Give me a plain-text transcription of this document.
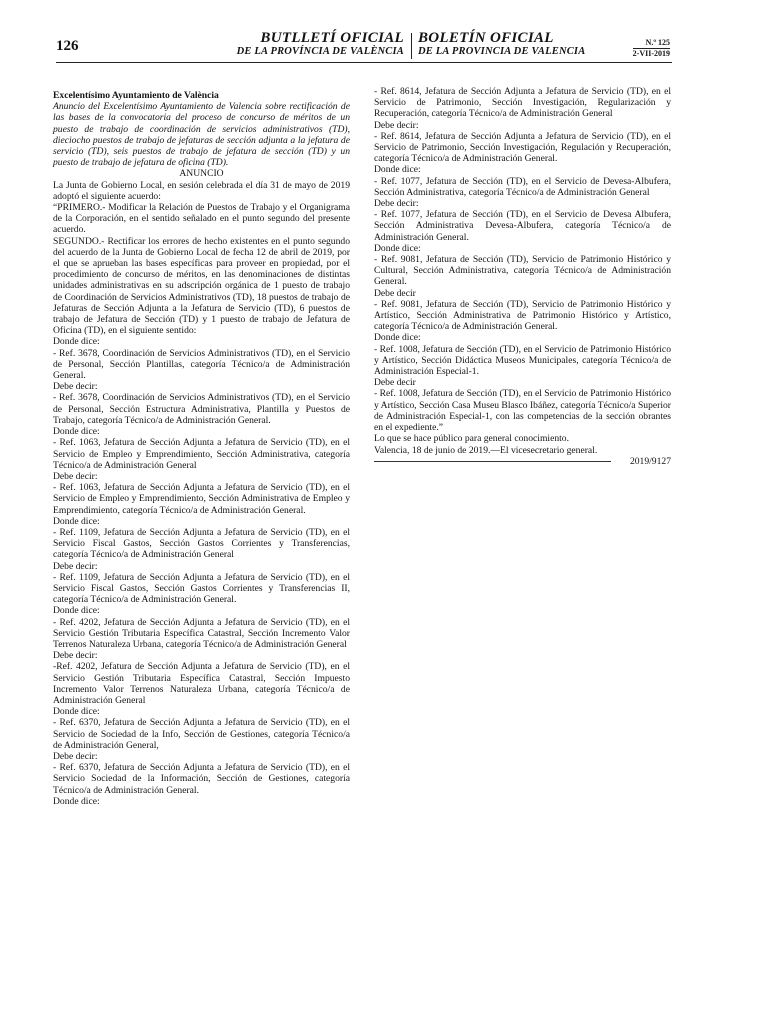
126	BUTLLETÍ OFICIAL
DE LA PROVÍNCIA DE VALÈNCIA
BOLETÍN OFICIAL
DE LA PROVINCIA DE VALENCIA
N.º 125
2-VII-2019

Excelentísimo Ayuntamiento de València

Anuncio del Excelentísimo Ayuntamiento de Valencia sobre rectificación de las bases de la convocatoria del proceso de concurso de méritos de un puesto de trabajo de coordinación de servicios administrativos (TD), dieciocho puestos de trabajo de jefaturas de sección adjunta a la jefatura de servicio (TD), seis puestos de trabajo de jefatura de sección (TD) y un puesto de trabajo de jefatura de oficina (TD).

ANUNCIO

La Junta de Gobierno Local, en sesión celebrada el día 31 de mayo de 2019 adoptó el siguiente acuerdo:

“PRIMERO.- Modificar la Relación de Puestos de Trabajo y el Organigrama de la Corporación, en el sentido señalado en el punto segundo del presente acuerdo.

SEGUNDO.- Rectificar los errores de hecho existentes en el punto segundo del acuerdo de la Junta de Gobierno Local de fecha 12 de abril de 2019, por el que se aprueban las bases específicas para proveer en propiedad, por el procedimiento de concurso de méritos, en las denominaciones de distintas unidades administrativas en su adscripción orgánica de 1 puesto de trabajo de Coordinación de Servicios Administrativos (TD), 18 puestos de trabajo de Jefaturas de Sección Adjunta a la Jefatura de Servicio (TD), 6 puestos de trabajo de Jefatura de Sección (TD) y 1 puesto de trabajo de Jefatura de Oficina (TD), en el siguiente sentido:

Donde dice:

- Ref. 3678, Coordinación de Servicios Administrativos (TD), en el Servicio de Personal, Sección Plantillas, categoría Técnico/a de Administración General.

Debe decir:

- Ref. 3678, Coordinación de Servicios Administrativos (TD), en el Servicio de Personal, Sección Estructura Administrativa, Plantilla y Puestos de Trabajo, categoría Técnico/a de Administración General.

Donde dice:

- Ref. 1063, Jefatura de Sección Adjunta a Jefatura de Servicio (TD), en el Servicio de Empleo y Emprendimiento, Sección Administrativa, categoría Técnico/a de Administración General

Debe decir:

- Ref. 1063, Jefatura de Sección Adjunta a Jefatura de Servicio (TD), en el Servicio de Empleo y Emprendimiento, Sección Administrativa de Empleo y Emprendimiento, categoría Técnico/a de Administración General.

Donde dice:

- Ref. 1109, Jefatura de Sección Adjunta a Jefatura de Servicio (TD), en el Servicio Fiscal Gastos, Sección Gastos Corrientes y Transferencias, categoría Técnico/a de Administración General

Debe decir:

- Ref. 1109, Jefatura de Sección Adjunta a Jefatura de Servicio (TD), en el Servicio Fiscal Gastos, Sección Gastos Corrientes y Transferencias II, categoría Técnico/a de Administración General.

Donde dice:

- Ref. 4202, Jefatura de Sección Adjunta a Jefatura de Servicio (TD), en el Servicio Gestión Tributaria Específica Catastral, Sección Incremento Valor Terrenos Naturaleza Urbana, categoría Técnico/a de Administración General

Debe decir:

-Ref. 4202, Jefatura de Sección Adjunta a Jefatura de Servicio (TD), en el Servicio Gestión Tributaria Específica Catastral, Sección Impuesto Incremento Valor Terrenos Naturaleza Urbana, categoría Técnico/a de Administración General

Donde dice:

- Ref. 6370, Jefatura de Sección Adjunta a Jefatura de Servicio (TD), en el Servicio de Sociedad de la Info, Sección de Gestiones, categoría Técnico/a de Administración General,

Debe decir:

- Ref. 6370, Jefatura de Sección Adjunta a Jefatura de Servicio (TD), en el Servicio Sociedad de la Información, Sección de Gestiones, categoría Técnico/a de Administración General.

Donde dice:

- Ref. 8614, Jefatura de Sección Adjunta a Jefatura de Servicio (TD), en el Servicio de Patrimonio, Sección Investigación, Regularización y Recuperación, categoría Técnico/a de Administración General

Debe decir:

- Ref. 8614, Jefatura de Sección Adjunta a Jefatura de Servicio (TD), en el Servicio de Patrimonio, Sección Investigación, Regulación y Recuperación, categoría Técnico/a de Administración General.

Donde dice:

- Ref. 1077, Jefatura de Sección (TD), en el Servicio de Devesa-Albufera, Sección Administrativa, categoría Técnico/a de Administración General

Debe decir:

- Ref. 1077, Jefatura de Sección (TD), en el Servicio de Devesa Albufera, Sección Administrativa Devesa-Albufera, categoría Técnico/a de Administración General.

Donde dice:

- Ref. 9081, Jefatura de Sección (TD), Servicio de Patrimonio Histórico y Cultural, Sección Administrativa, categoría Técnico/a de Administración General.

Debe decir

- Ref. 9081, Jefatura de Sección (TD), Servicio de Patrimonio Histórico y Artístico, Sección Administrativa de Patrimonio Histórico y Artístico, categoría Técnico/a de Administración General.

Donde dice:

- Ref. 1008, Jefatura de Sección (TD), en el Servicio de Patrimonio Histórico y Artístico, Sección Didáctica Museos Municipales, categoría Técnico/a de Administración Especial-1.

Debe decir

- Ref. 1008, Jefatura de Sección (TD), en el Servicio de Patrimonio Histórico y Artístico, Sección Casa Museu Blasco Ibáñez, categoría Técnico/a Superior de Administración Especial-1, con las competencias de la sección obrantes en el expediente.”

Lo que se hace público para general conocimiento.

Valencia, 18 de junio de 2019.—El vicesecretario general.

2019/9127
